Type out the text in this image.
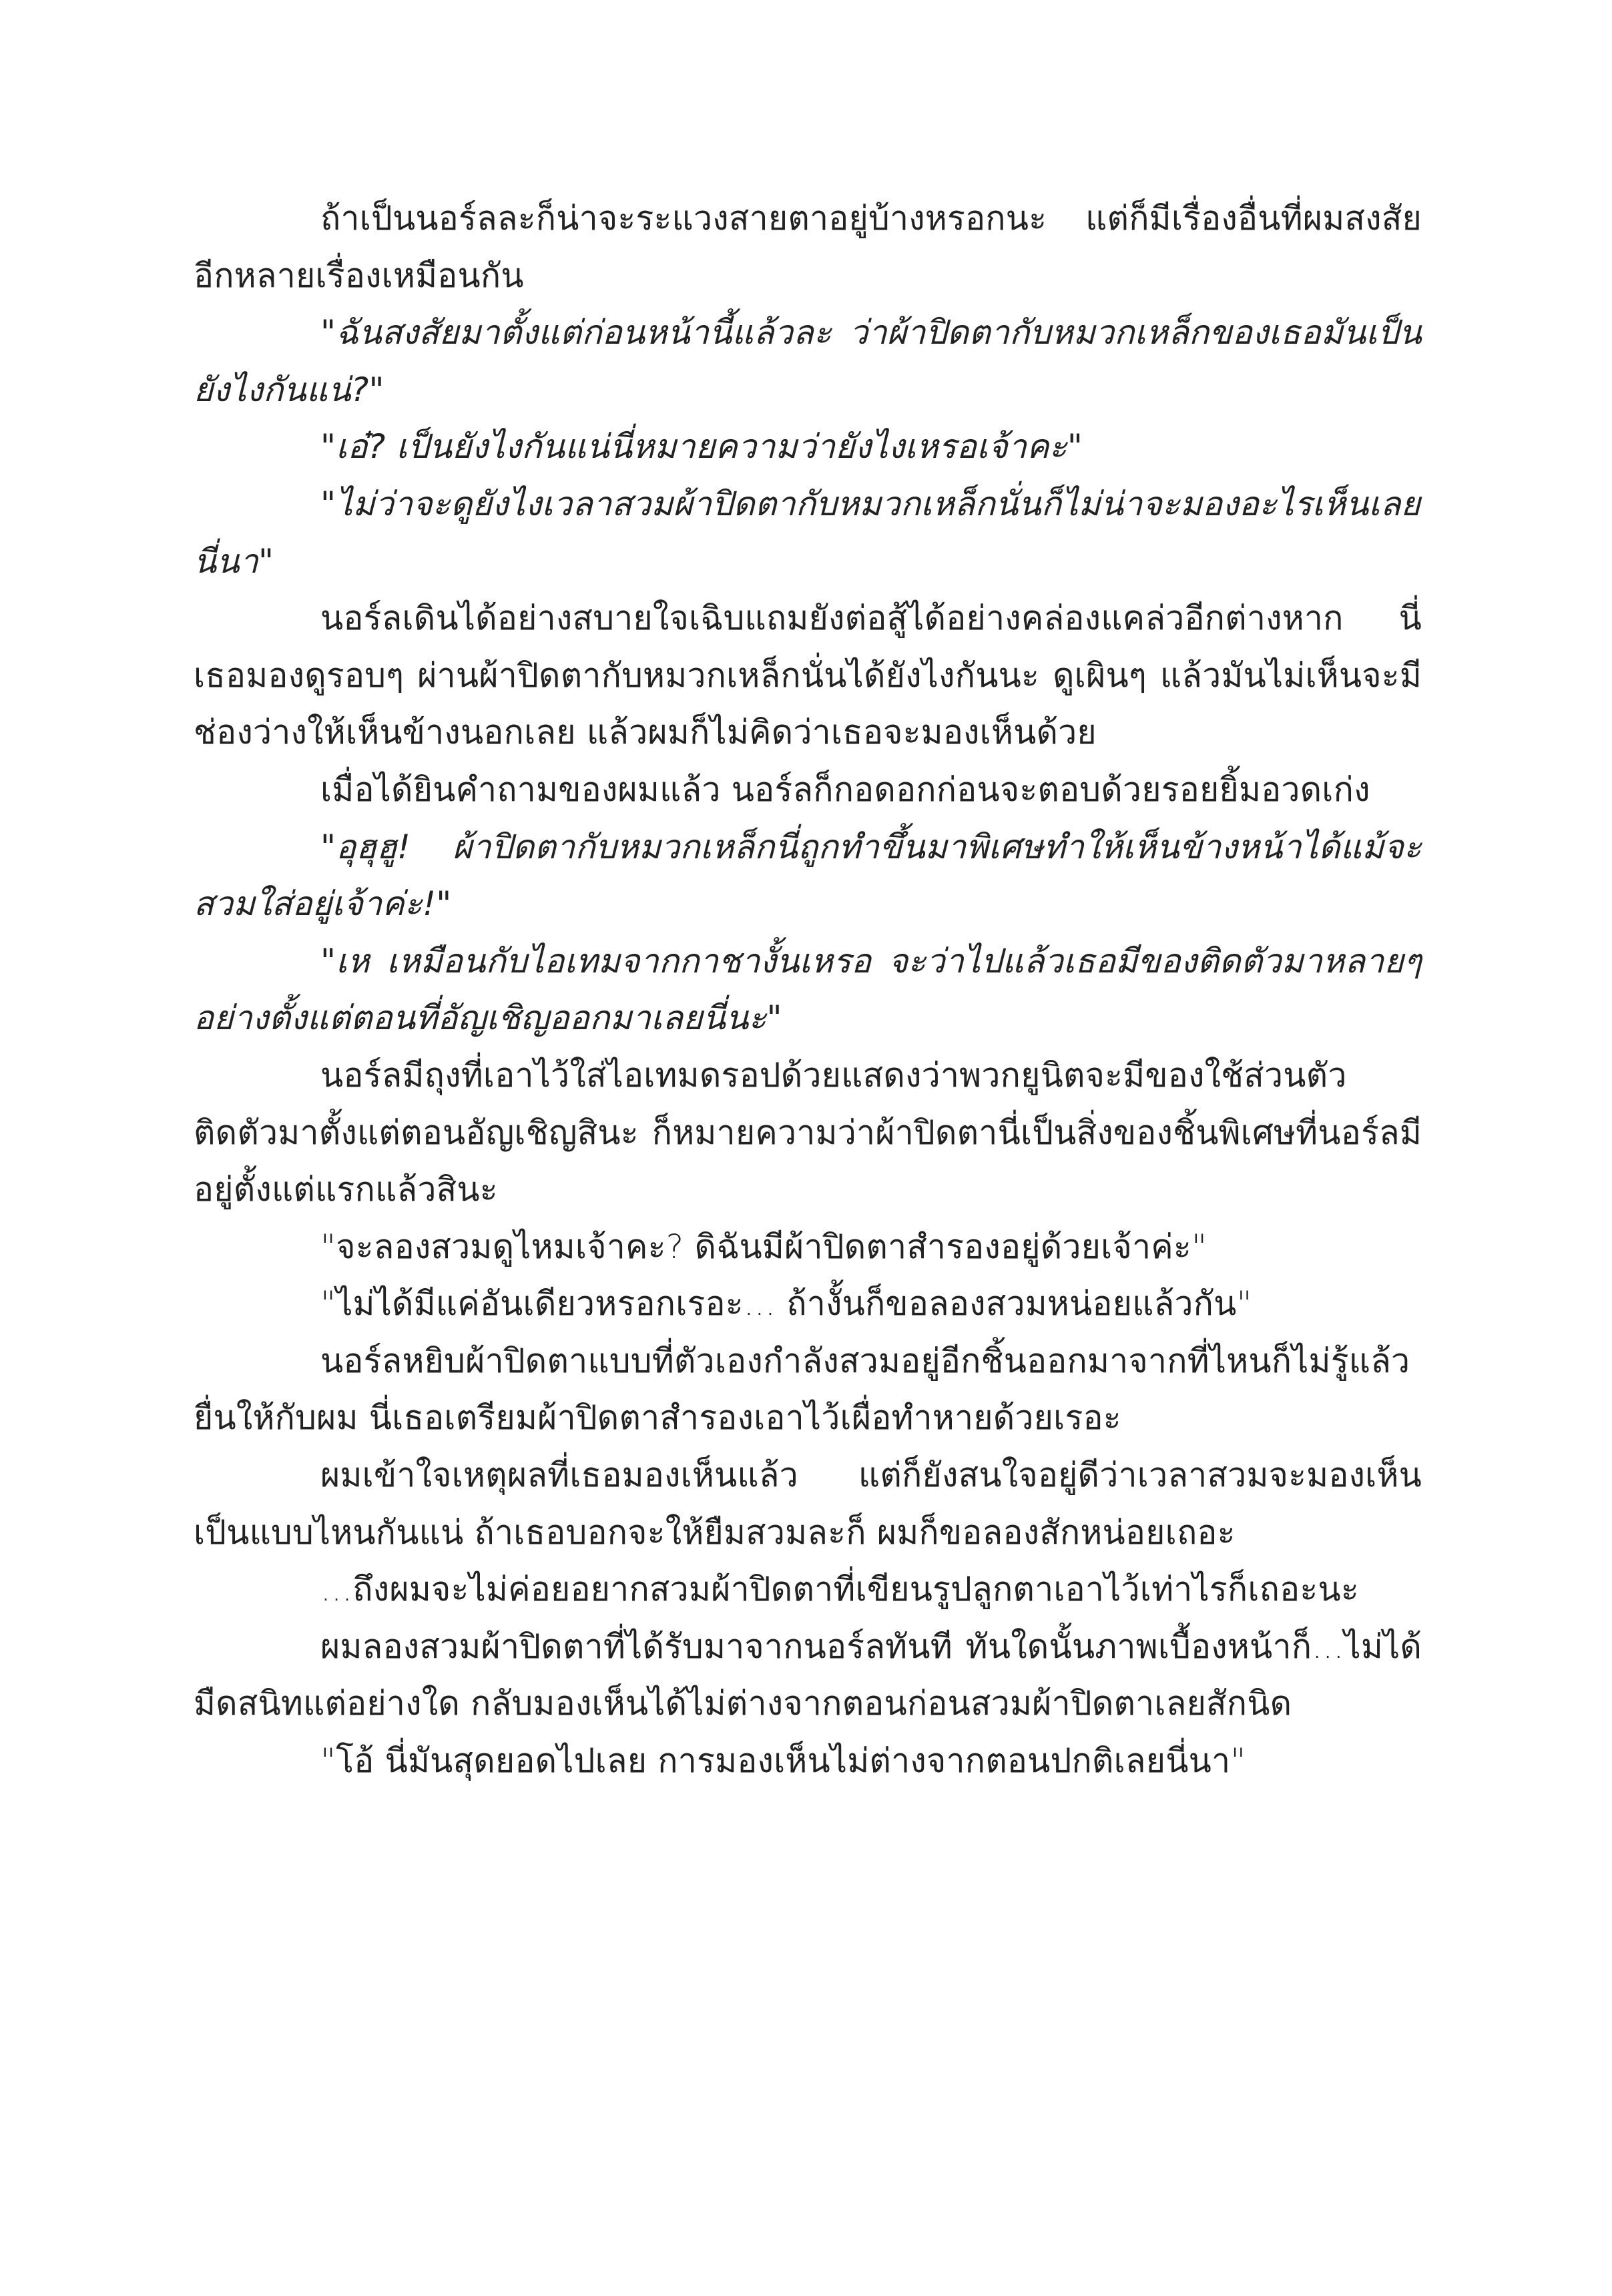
ถ้าเป็นนอร์ลละก็น่าจะระแวงสายตาอยู่บ้างหรอกนะ แต่ก็มีเรื่องอื่นที่ผมสงสัยอีกหลายเรื่องเหมือนกัน

"ฉันสงสัยมาตั้งแต่ก่อนหน้านี้แล้วละ ว่าผ้าปิดตากับหมวกเหล็กของเธอมันเป็นยังไงกันแน่?"

"เอ๋? เป็นยังไงกันแน่นี่หมายความว่ายังไงเหรอเจ้าคะ"

"ไม่ว่าจะดูยังไงเวลาสวมผ้าปิดตากับหมวกเหล็กนั่นก็ไม่น่าจะมองอะไรเห็นเลยนี่นา"

นอร์ลเดินได้อย่างสบายใจเฉิบแถมยังต่อสู้ได้อย่างคล่องแคล่วอีกต่างหาก นี่เธอมองดูรอบๆ ผ่านผ้าปิดตากับหมวกเหล็กนั่นได้ยังไงกันนะ ดูเผินๆ แล้วมันไม่เห็นจะมีช่องว่างให้เห็นข้างนอกเลย แล้วผมก็ไม่คิดว่าเธอจะมองเห็นด้วย

เมื่อได้ยินคำถามของผมแล้ว นอร์ลก็กอดอกก่อนจะตอบด้วยรอยยิ้มอวดเก่ง

"อุฮุฮู! ผ้าปิดตากับหมวกเหล็กนี่ถูกทำขึ้นมาพิเศษทำให้เห็นข้างหน้าได้แม้จะสวมใส่อยู่เจ้าค่ะ!"

"เห เหมือนกับไอเทมจากกาชางั้นเหรอ จะว่าไปแล้วเธอมีของติดตัวมาหลายๆ อย่างตั้งแต่ตอนที่อัญเชิญออกมาเลยนี่นะ"

นอร์ลมีถุงที่เอาไว้ใส่ไอเทมดรอปด้วยแสดงว่าพวกยูนิตจะมีของใช้ส่วนตัวติดตัวมาตั้งแต่ตอนอัญเชิญสินะ ก็หมายความว่าผ้าปิดตานี่เป็นสิ่งของชิ้นพิเศษที่นอร์ลมีอยู่ตั้งแต่แรกแล้วสินะ

"จะลองสวมดูไหมเจ้าคะ? ดิฉันมีผ้าปิดตาสำรองอยู่ด้วยเจ้าค่ะ"

"ไม่ได้มีแค่อันเดียวหรอกเรอะ... ถ้างั้นก็ขอลองสวมหน่อยแล้วกัน"

นอร์ลหยิบผ้าปิดตาแบบที่ตัวเองกำลังสวมอยู่อีกชิ้นออกมาจากที่ไหนก็ไม่รู้แล้วยื่นให้กับผม นี่เธอเตรียมผ้าปิดตาสำรองเอาไว้เผื่อทำหายด้วยเรอะ

ผมเข้าใจเหตุผลที่เธอมองเห็นแล้ว แต่ก็ยังสนใจอยู่ดีว่าเวลาสวมจะมองเห็นเป็นแบบไหนกันแน่ ถ้าเธอบอกจะให้ยืมสวมละก็ ผมก็ขอลองสักหน่อยเถอะ

...ถึงผมจะไม่ค่อยอยากสวมผ้าปิดตาที่เขียนรูปลูกตาเอาไว้เท่าไรก็เถอะนะ

ผมลองสวมผ้าปิดตาที่ได้รับมาจากนอร์ลทันที ทันใดนั้นภาพเบื้องหน้าก็...ไม่ได้มืดสนิทแต่อย่างใด กลับมองเห็นได้ไม่ต่างจากตอนก่อนสวมผ้าปิดตาเลยสักนิด

"โอ้ นี่มันสุดยอดไปเลย การมองเห็นไม่ต่างจากตอนปกติเลยนี่นา"
